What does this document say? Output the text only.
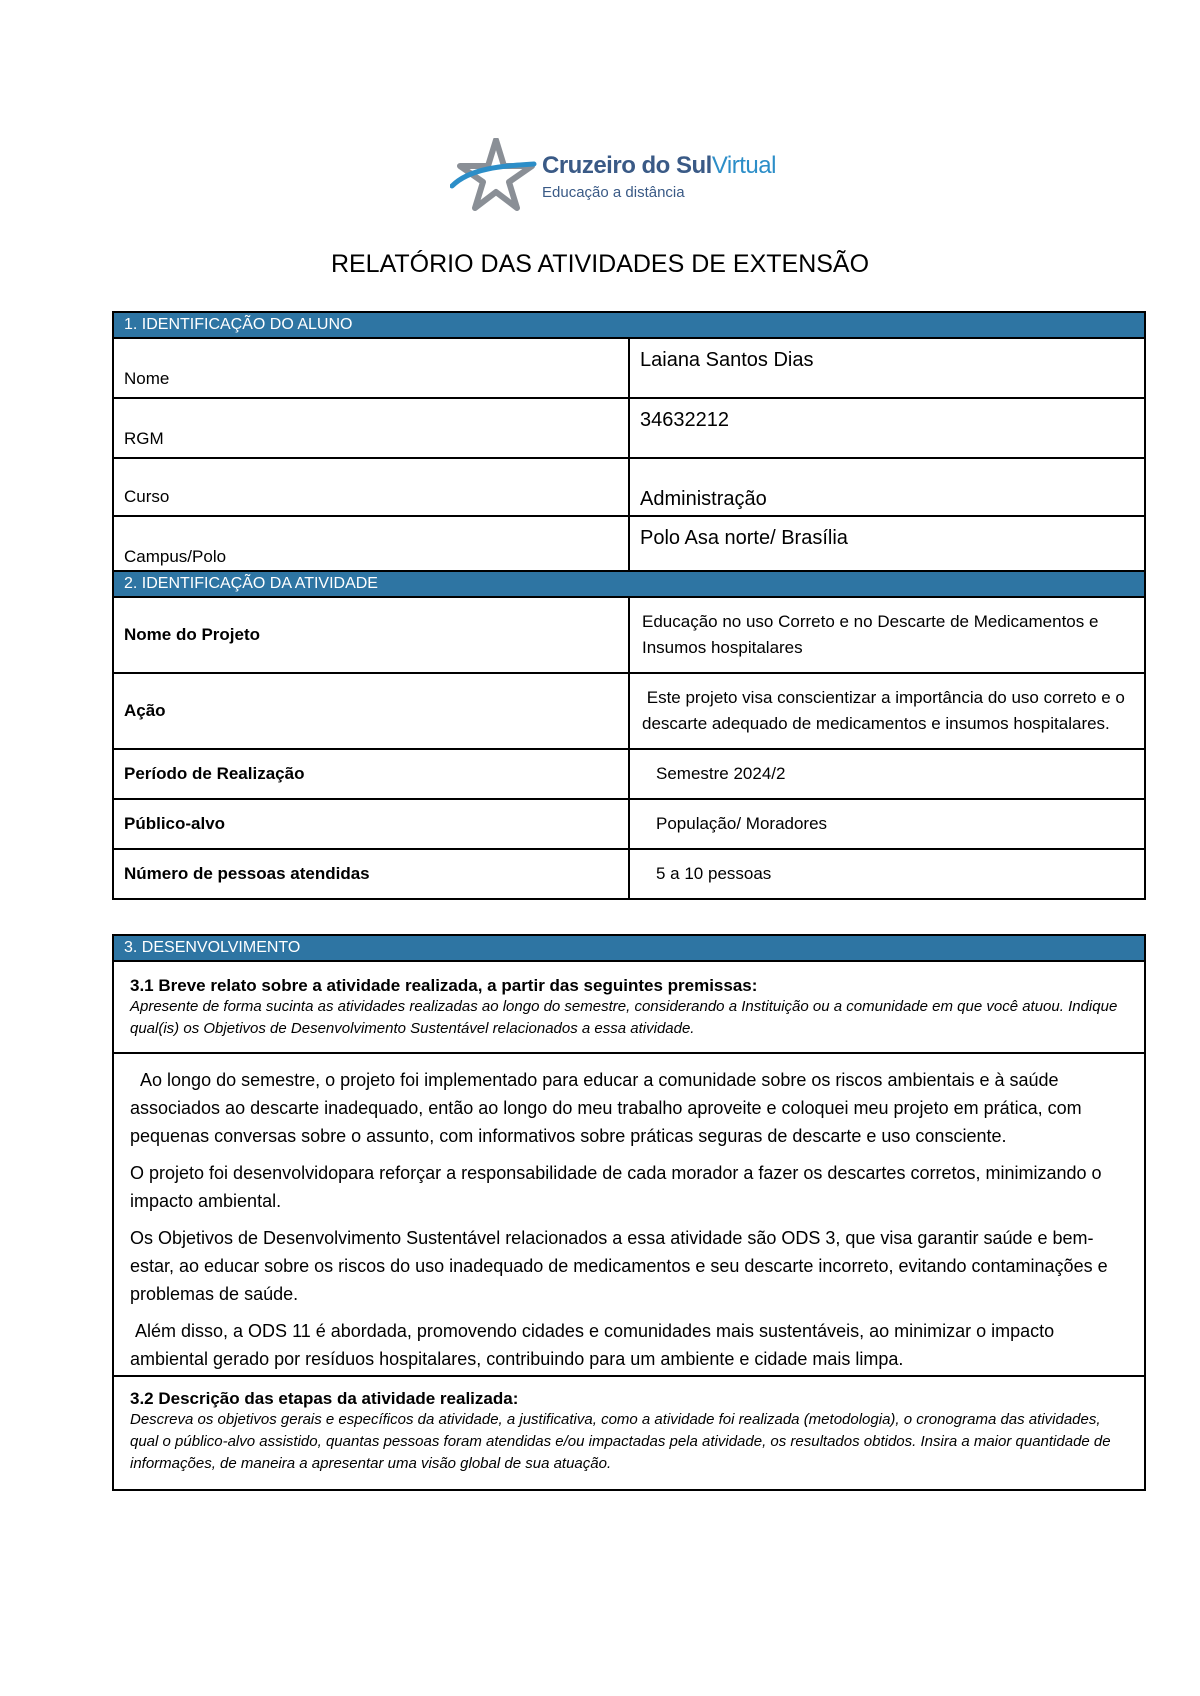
Cruzeiro do SulVirtual
Educação a distância
RELATÓRIO DAS ATIVIDADES DE EXTENSÃO
1. IDENTIFICAÇÃO DO ALUNO	
Nome	Laiana Santos Dias
RGM	34632212
Curso	Administração
Campus/Polo	Polo Asa norte/ Brasília
2. IDENTIFICAÇÃO DA ATIVIDADE	
Nome do Projeto	Educação no uso Correto e no Descarte de Medicamentos e Insumos hospitalares
Ação	Este projeto visa conscientizar a importância do uso correto e o descarte adequado de medicamentos e insumos hospitalares.
Período de Realização	Semestre 2024/2
Público-alvo	População/ Moradores
Número de pessoas atendidas	5 a 10 pessoas
3. DESENVOLVIMENTO

3.1 Breve relato sobre a atividade realizada, a partir das seguintes premissas:
Apresente de forma sucinta as atividades realizadas ao longo do semestre, considerando a Instituição ou a comunidade em que você atuou. Indique qual(is) os Objetivos de Desenvolvimento Sustentável relacionados a essa atividade.

Ao longo do semestre, o projeto foi implementado para educar a comunidade sobre os riscos ambientais e à saúde associados ao descarte inadequado, então ao longo do meu trabalho aproveite e coloquei meu projeto em prática, com pequenas conversas sobre o assunto, com informativos sobre práticas seguras de descarte e uso consciente.

O projeto foi desenvolvidopara reforçar a responsabilidade de cada morador a fazer os descartes corretos, minimizando o impacto ambiental.

Os Objetivos de Desenvolvimento Sustentável relacionados a essa atividade são ODS 3, que visa garantir saúde e bem-estar, ao educar sobre os riscos do uso inadequado de medicamentos e seu descarte incorreto, evitando contaminações e problemas de saúde.

Além disso, a ODS 11 é abordada, promovendo cidades e comunidades mais sustentáveis, ao minimizar o impacto ambiental gerado por resíduos hospitalares, contribuindo para um ambiente e cidade mais limpa.

3.2 Descrição das etapas da atividade realizada:
Descreva os objetivos gerais e específicos da atividade, a justificativa, como a atividade foi realizada (metodologia), o cronograma das atividades, qual o público-alvo assistido, quantas pessoas foram atendidas e/ou impactadas pela atividade, os resultados obtidos. Insira a maior quantidade de informações, de maneira a apresentar uma visão global de sua atuação.
